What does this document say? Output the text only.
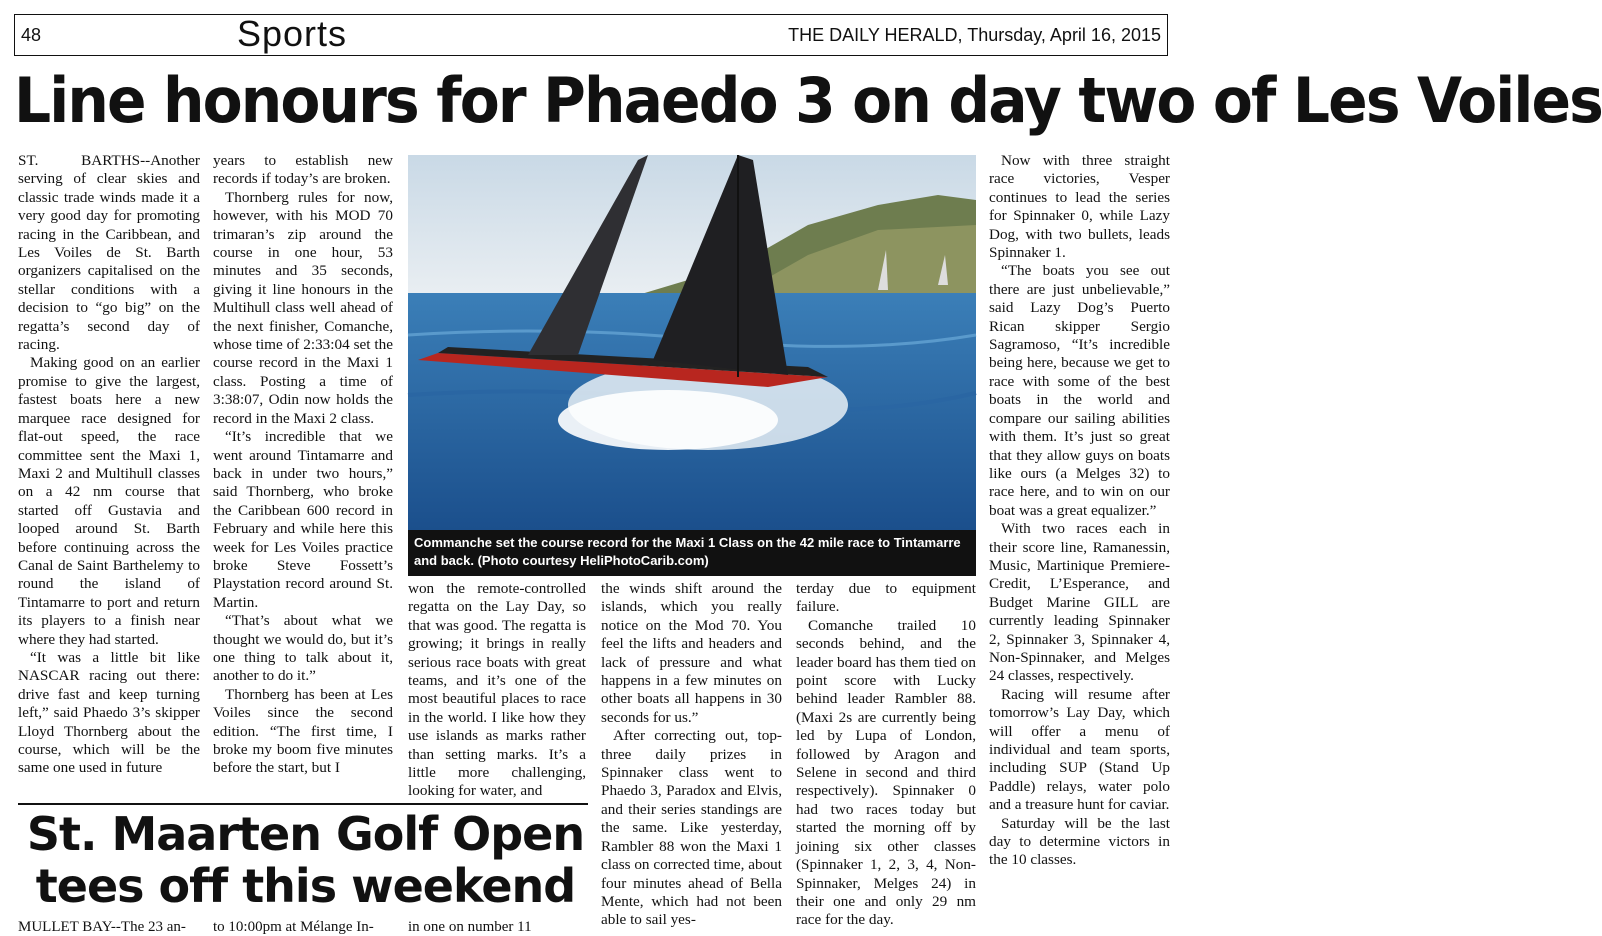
48	Sports	THE DAILY HERALD, Thursday, April 16, 2015
Line honours for Phaedo 3 on day two of Les Voiles

ST. BARTHS--Another serving of clear skies and classic trade winds made it a very good day for promoting racing in the Caribbean, and Les Voiles de St. Barth organizers capitalised on the stellar conditions with a decision to “go big” on the regatta’s second day of racing.

Making good on an earlier promise to give the largest, fastest boats here a new marquee race designed for flat-out speed, the race committee sent the Maxi 1, Maxi 2 and Multihull classes on a 42 nm course that started off Gustavia and looped around St. Barth before continuing across the Canal de Saint Barthelemy to round the island of Tintamarre to port and return its players to a finish near where they had started.

“It was a little bit like NASCAR racing out there: drive fast and keep turning left,” said Phaedo 3’s skipper Lloyd Thornberg about the course, which will be the same one used in future

years to establish new records if today’s are broken.

Thornberg rules for now, however, with his MOD 70 trimaran’s zip around the course in one hour, 53 minutes and 35 seconds, giving it line honours in the Multihull class well ahead of the next finisher, Comanche, whose time of 2:33:04 set the course record in the Maxi 1 class. Posting a time of 3:38:07, Odin now holds the record in the Maxi 2 class.

“It’s incredible that we went around Tintamarre and back in under two hours,” said Thornberg, who broke the Caribbean 600 record in February and while here this week for Les Voiles practice broke Steve Fossett’s Playstation record around St. Martin.

“That’s about what we thought we would do, but it’s one thing to talk about it, another to do it.”

Thornberg has been at Les Voiles since the second edition. “The first time, I broke my boom five minutes before the start, but I

won the remote-controlled regatta on the Lay Day, so that was good. The regatta is growing; it brings in really serious race boats with great teams, and it’s one of the most beautiful places to race in the world. I like how they use islands as marks rather than setting marks. It’s a little more challenging, looking for water, and

the winds shift around the islands, which you really notice on the Mod 70. You feel the lifts and headers and lack of pressure and what happens in a few minutes on other boats all happens in 30 seconds for us.”

After correcting out, top-three daily prizes in Spinnaker class went to Phaedo 3, Paradox and Elvis, and their series standings are the same. Like yesterday, Rambler 88 won the Maxi 1 class on corrected time, about four minutes ahead of Bella Mente, which had not been able to sail yes-

terday due to equipment failure.

Comanche trailed 10 seconds behind, and the leader board has them tied on point score with Lucky behind leader Rambler 88. (Maxi 2s are currently being led by Lupa of London, followed by Aragon and Selene in second and third respectively). Spinnaker 0 had two races today but started the morning off by joining six other classes (Spinnaker 1, 2, 3, 4, Non-Spinnaker, Melges 24) in their one and only 29 nm race for the day.

Now with three straight race victories, Vesper continues to lead the series for Spinnaker 0, while Lazy Dog, with two bullets, leads Spinnaker 1.

“The boats you see out there are just unbelievable,” said Lazy Dog’s Puerto Rican skipper Sergio Sagramoso, “It’s incredible being here, because we get to race with some of the best boats in the world and compare our sailing abilities with them. It’s just so great that they allow guys on boats like ours (a Melges 32) to race here, and to win on our boat was a great equalizer.”

With two races each in their score line, Ramanessin, Music, Martinique Premiere-Credit, L’Esperance, and Budget Marine GILL are currently leading Spinnaker 2, Spinnaker 3, Spinnaker 4, Non-Spinnaker, and Melges 24 classes, respectively.

Racing will resume after tomorrow’s Lay Day, which will offer a menu of individual and team sports, including SUP (Stand Up Paddle) relays, water polo and a treasure hunt for caviar.

Saturday will be the last day to determine victors in the 10 classes.

Commanche set the course record for the Maxi 1 Class on the 42 mile race to Tintamarre and back. (Photo courtesy HeliPhotoCarib.com)
St. Maarten Golf Open
tees off this weekend
MULLET BAY--The 23 an- to 10:00pm at Mélange In- in one on number 11
